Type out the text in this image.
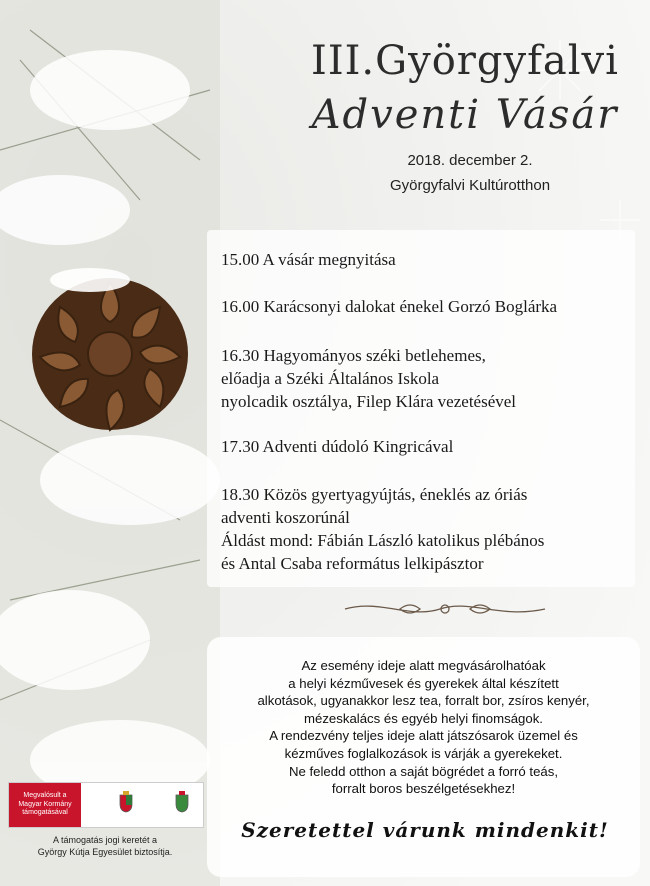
III.Györgyfalvi
Adventi Vásár
2018. december 2.
Györgyfalvi Kultúrotthon
15.00 A vásár megnyitása
16.00 Karácsonyi dalokat énekel Gorzó Boglárka
16.30 Hagyományos széki betlehemes,
előadja a Széki Általános Iskola
nyolcadik osztálya, Filep Klára vezetésével
17.30 Adventi dúdoló Kingricával
18.30 Közös gyertyagyújtás, éneklés az óriás
adventi koszorúnál
Áldást mond: Fábián László katolikus plébános
és Antal Csaba református lelkipásztor
Az esemény ideje alatt megvásárolhatóak
a helyi kézművesek és gyerekek által készített
alkotások, ugyanakkor lesz tea, forralt bor, zsíros kenyér,
mézeskalács és egyéb helyi finomságok.
A rendezvény teljes ideje alatt játszósarok üzemel és
kézműves foglalkozások is várják a gyerekeket.
Ne feledd otthon a saját bögrédet a forró teás,
forralt boros beszélgetésekhez!
Szeretettel várunk mindenkit!
Megvalósult a Magyar Kormány támogatásával
A támogatás jogi keretét a
György Kútja Egyesület biztosítja.
